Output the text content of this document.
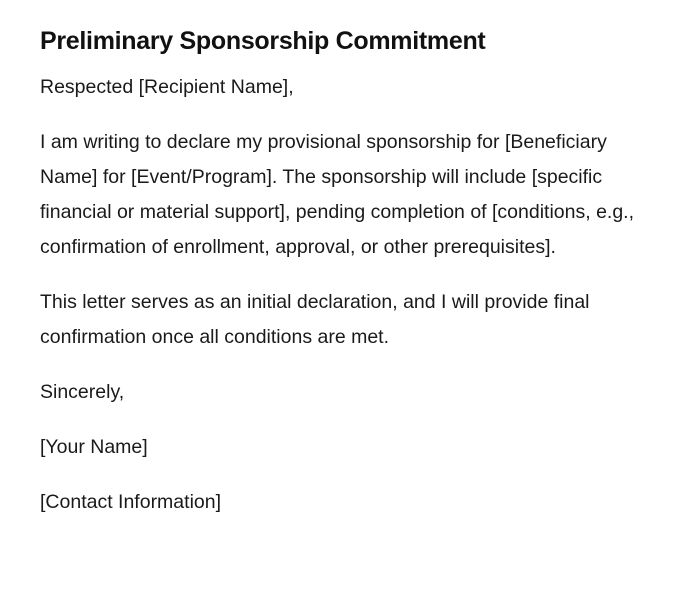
Preliminary Sponsorship Commitment

Respected [Recipient Name],

I am writing to declare my provisional sponsorship for [Beneficiary Name] for [Event/Program]. The sponsorship will include [specific financial or material support], pending completion of [conditions, e.g., confirmation of enrollment, approval, or other prerequisites].

This letter serves as an initial declaration, and I will provide final confirmation once all conditions are met.

Sincerely,

[Your Name]

[Contact Information]
